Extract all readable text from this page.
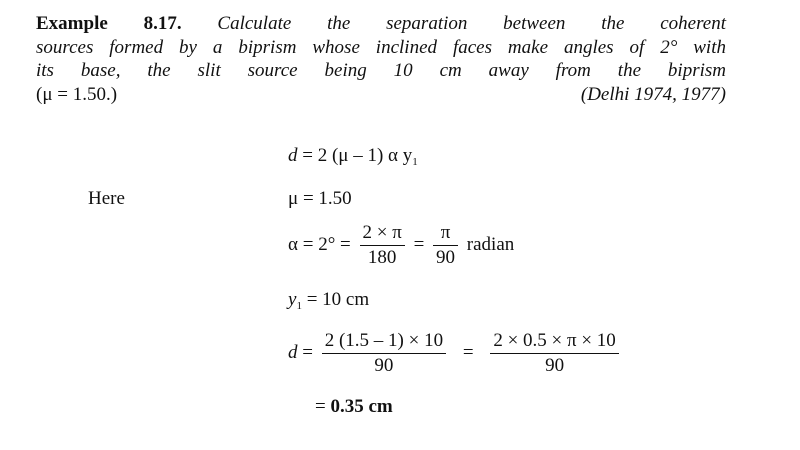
Example 8.17. Calculate the separation between the coherent
sources formed by a biprism whose inclined faces make angles of 2° with
its base, the slit source being 10 cm away from the biprism
(μ = 1.50.)	(Delhi 1974, 1977)
d = 2 (μ – 1) α $y_1$
Here	μ = 1.50
$\alpha = 2^\circ = \frac{2 \times \pi}{180} = \frac{\pi}{90}$ radian
$y_1 = 10$ cm
$d = \frac{2 (1.5 - 1) \times 10}{90} = \frac{2 \times 0.5 \times \pi \times 10}{90}$
= 0.35 cm
